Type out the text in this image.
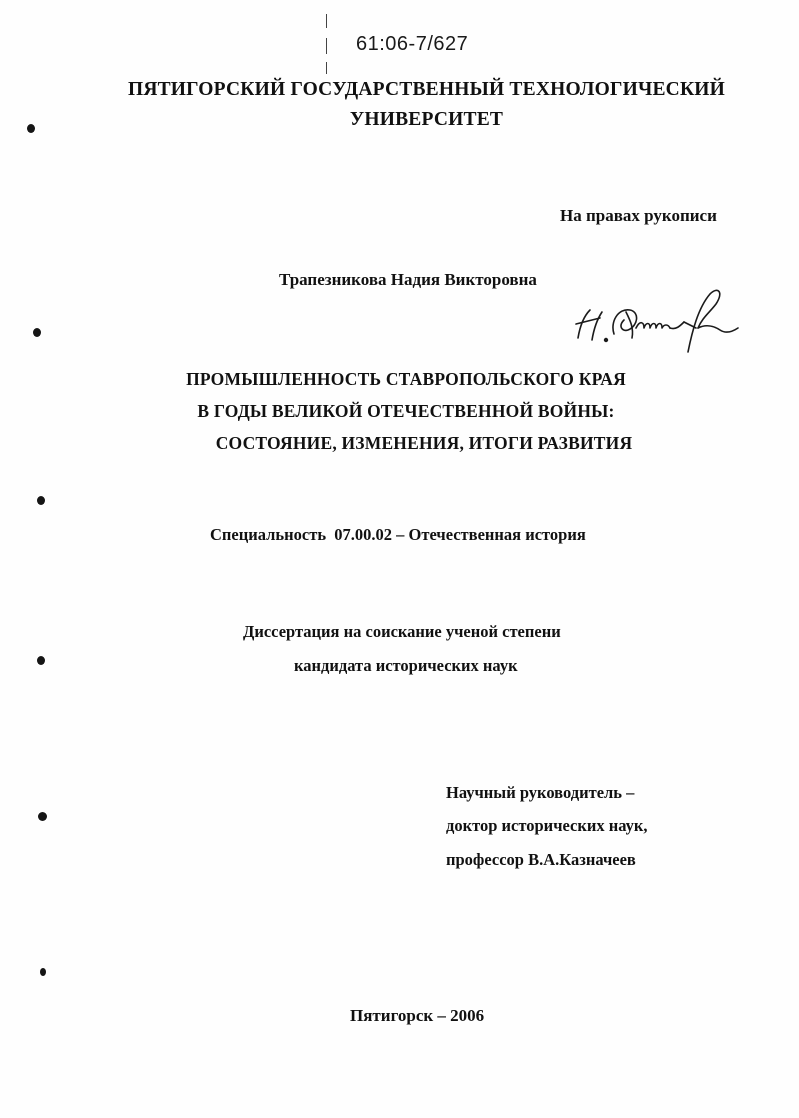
61:06-7/627
ПЯТИГОРСКИЙ ГОСУДАРСТВЕННЫЙ ТЕХНОЛОГИЧЕСКИЙ
УНИВЕРСИТЕТ
На правах рукописи
Трапезникова Надия Викторовна
ПРОМЫШЛЕННОСТЬ СТАВРОПОЛЬСКОГО КРАЯ
В ГОДЫ ВЕЛИКОЙ ОТЕЧЕСТВЕННОЙ ВОЙНЫ:
СОСТОЯНИЕ, ИЗМЕНЕНИЯ, ИТОГИ РАЗВИТИЯ
Специальность  07.00.02 – Отечественная история
Диссертация на соискание ученой степени
кандидата исторических наук
Научный руководитель –
доктор исторических наук,
профессор В.А.Казначеев
Пятигорск – 2006
